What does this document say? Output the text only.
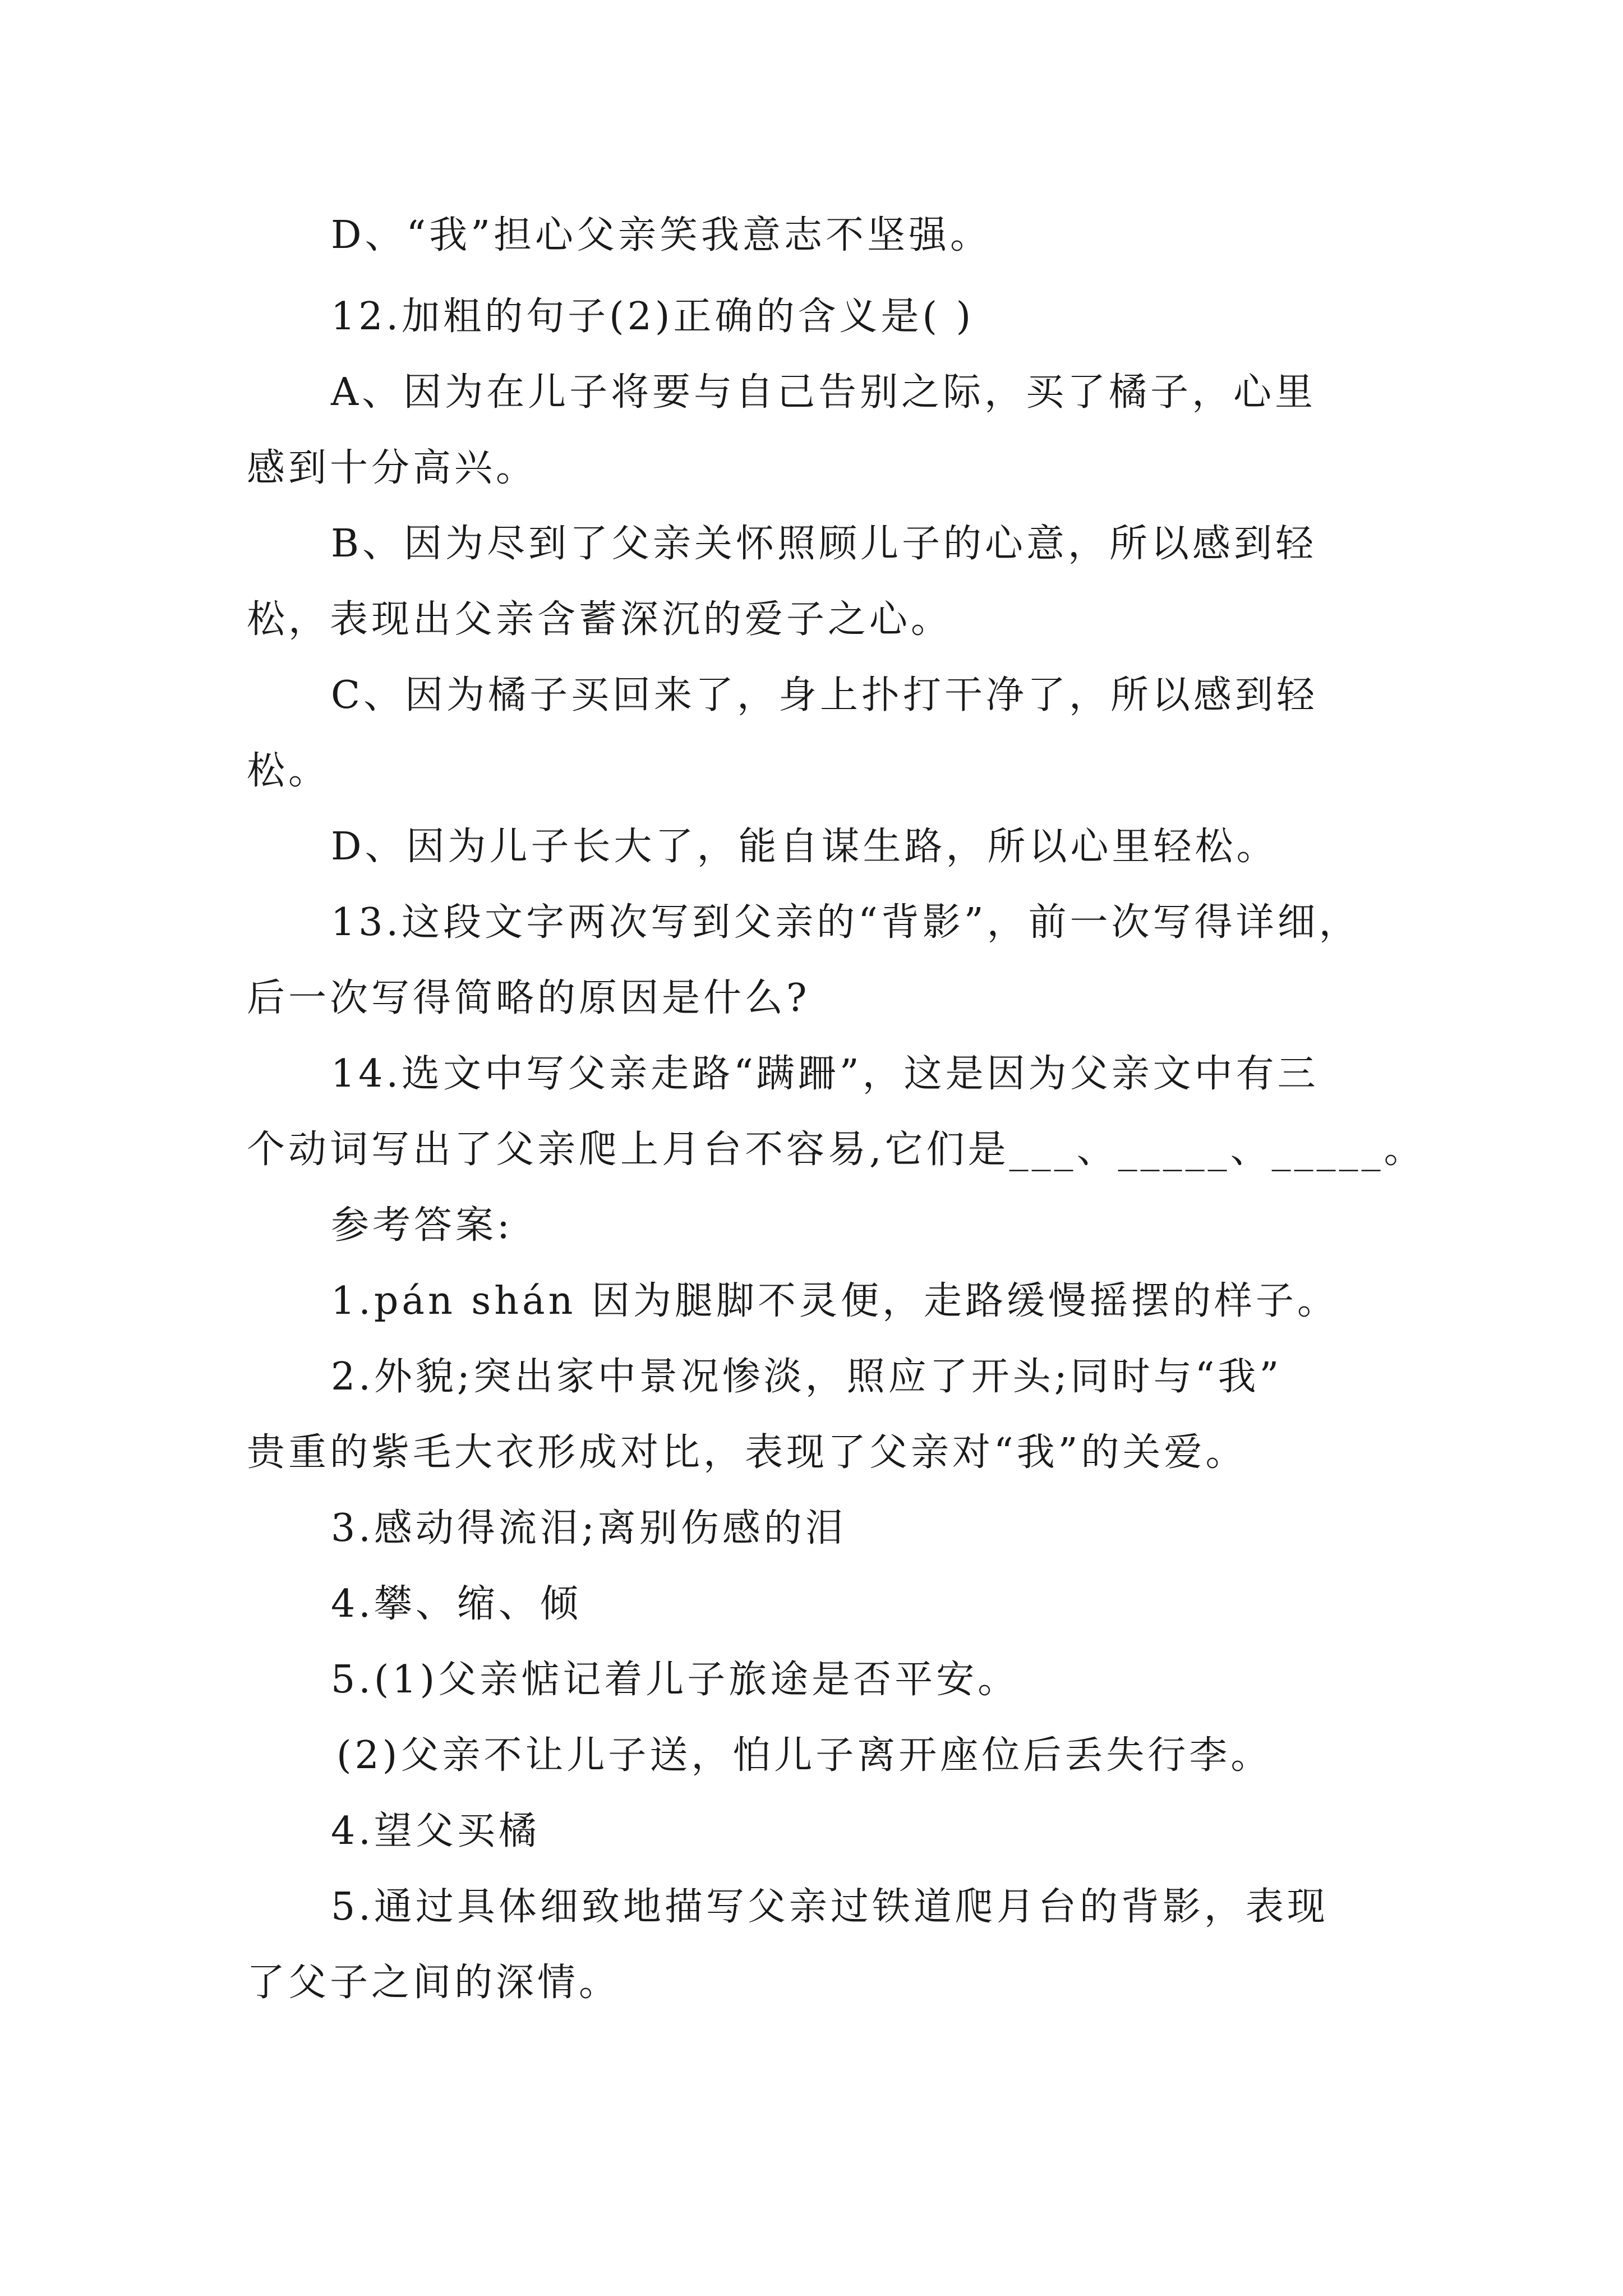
D、“我”担心父亲笑我意志不坚强。
12.加粗的句子(2)正确的含义是( )
A、因为在儿子将要与自己告别之际，买了橘子，心里
感到十分高兴。
B、因为尽到了父亲关怀照顾儿子的心意，所以感到轻
松，表现出父亲含蓄深沉的爱子之心。
C、因为橘子买回来了，身上扑打干净了，所以感到轻
松。
D、因为儿子长大了，能自谋生路，所以心里轻松。
13.这段文字两次写到父亲的“背影”，前一次写得详细，
后一次写得简略的原因是什么?
14.选文中写父亲走路“蹒跚”，这是因为父亲文中有三
个动词写出了父亲爬上月台不容易,它们是___、_____、_____。
参考答案:
1.pán shán 因为腿脚不灵便，走路缓慢摇摆的样子。
2.外貌;突出家中景况惨淡，照应了开头;同时与“我”
贵重的紫毛大衣形成对比，表现了父亲对“我”的关爱。
3.感动得流泪;离别伤感的泪
4.攀、缩、倾
5.(1)父亲惦记着儿子旅途是否平安。
(2)父亲不让儿子送，怕儿子离开座位后丢失行李。
4.望父买橘
5.通过具体细致地描写父亲过铁道爬月台的背影，表现
了父子之间的深情。
